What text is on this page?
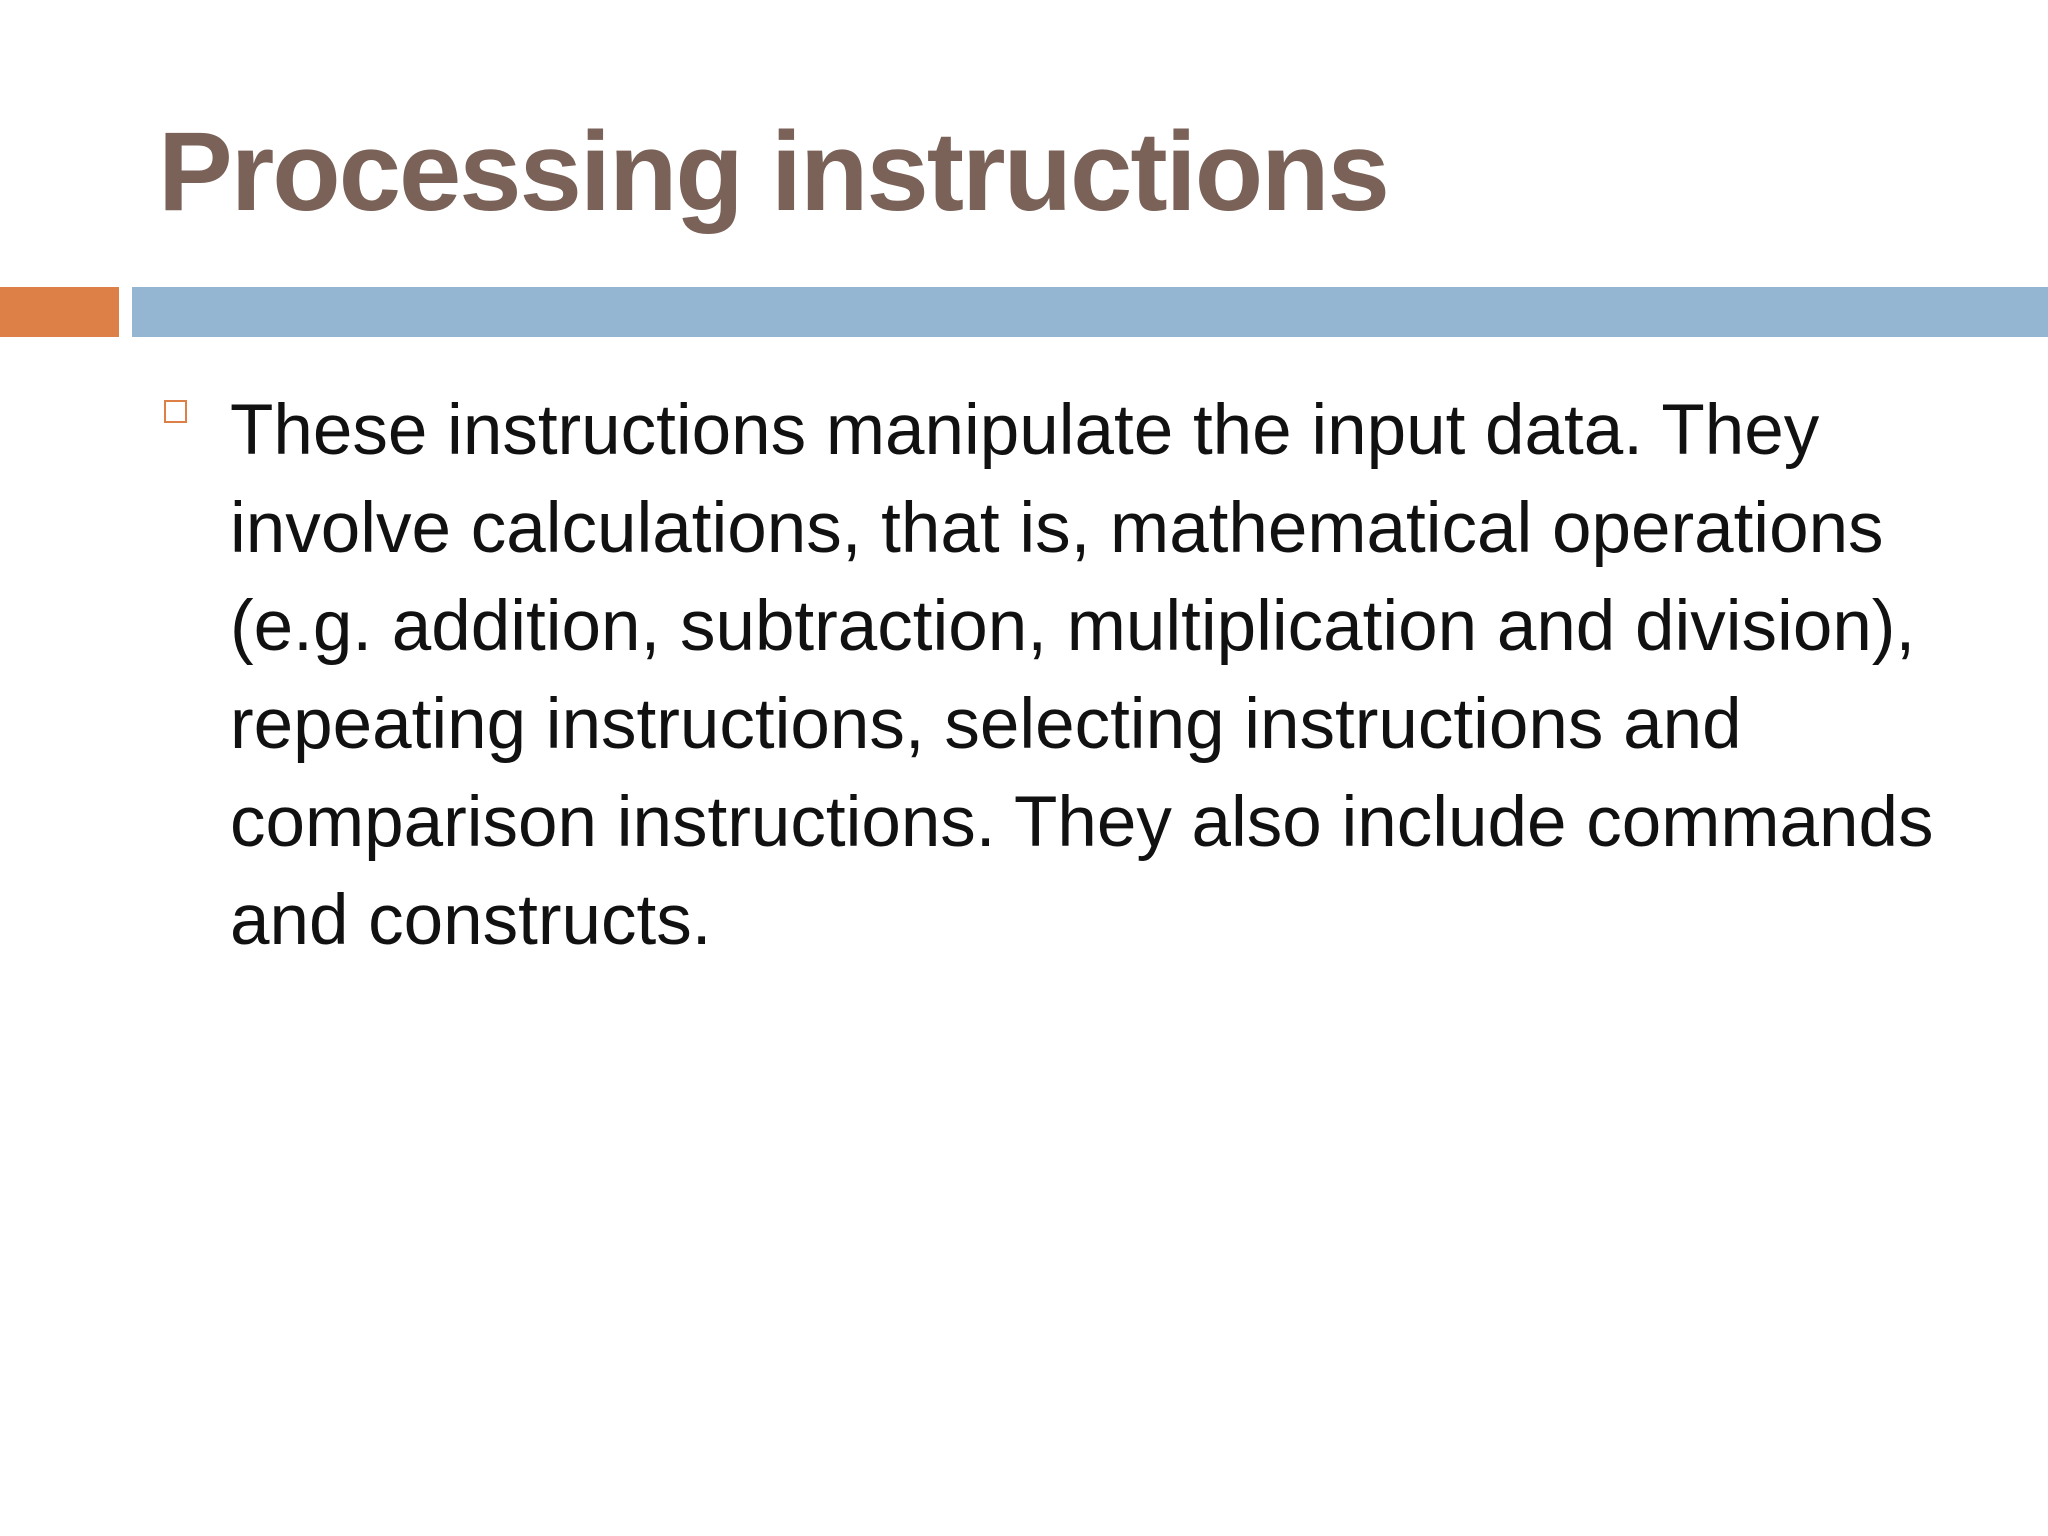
Processing instructions
These instructions manipulate the input data. They involve calculations, that is, mathematical operations (e.g. addition, subtraction, multiplication and division), repeating instructions, selecting instructions and comparison instructions. They also include commands and constructs.
